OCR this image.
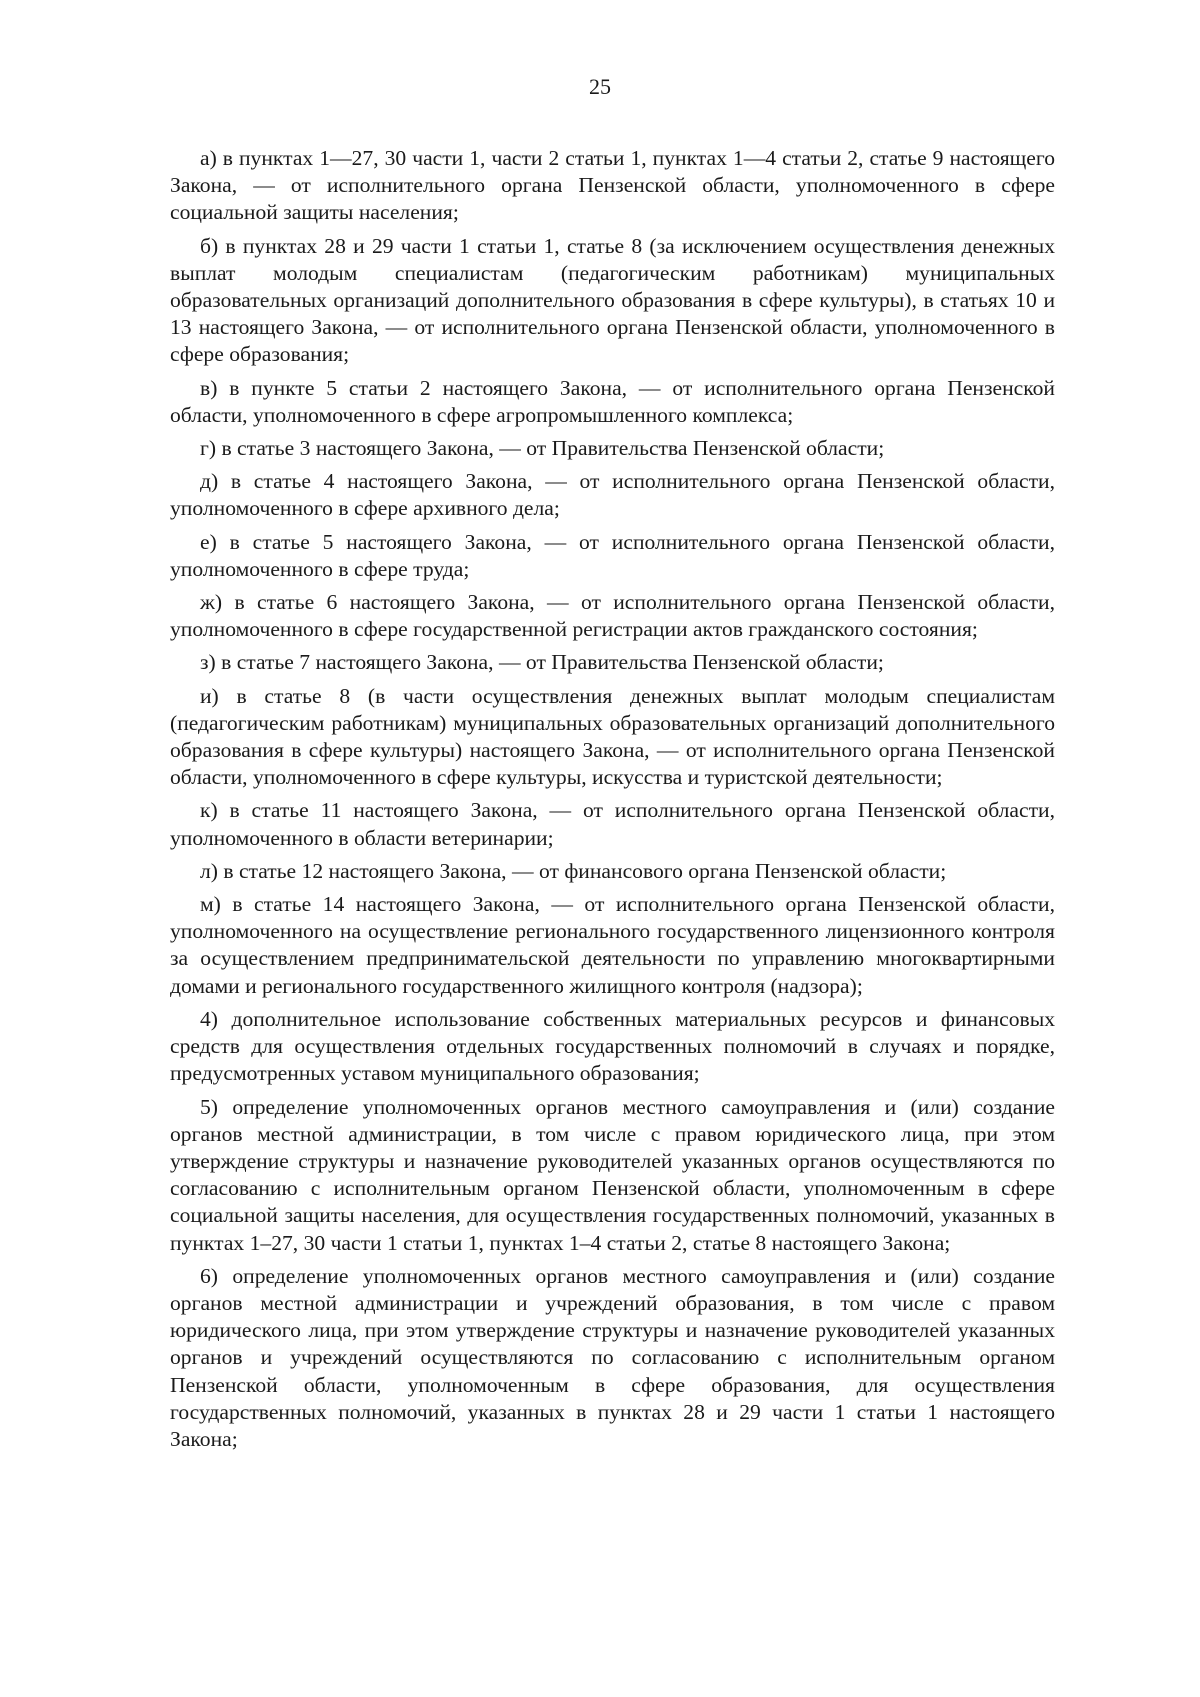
25

а) в пунктах 1—27, 30 части 1, части 2 статьи 1, пунктах 1—4 статьи 2, статье 9 настоящего Закона, — от исполнительного органа Пензенской области, уполномоченного в сфере социальной защиты населения;

б) в пунктах 28 и 29 части 1 статьи 1, статье 8 (за исключением осуществления денежных выплат молодым специалистам (педагогическим работникам) муниципальных образовательных организаций дополнительного образования в сфере культуры), в статьях 10 и 13 настоящего Закона, — от исполнительного органа Пензенской области, уполномоченного в сфере образования;

в) в пункте 5 статьи 2 настоящего Закона, — от исполнительного органа Пензенской области, уполномоченного в сфере агропромышленного комплекса;

г) в статье 3 настоящего Закона, — от Правительства Пензенской области;

д) в статье 4 настоящего Закона, — от исполнительного органа Пензенской области, уполномоченного в сфере архивного дела;

е) в статье 5 настоящего Закона, — от исполнительного органа Пензенской области, уполномоченного в сфере труда;

ж) в статье 6 настоящего Закона, — от исполнительного органа Пензенской области, уполномоченного в сфере государственной регистрации актов гражданского состояния;

з) в статье 7 настоящего Закона, — от Правительства Пензенской области;

и) в статье 8 (в части осуществления денежных выплат молодым специалистам (педагогическим работникам) муниципальных образовательных организаций дополнительного образования в сфере культуры) настоящего Закона, — от исполнительного органа Пензенской области, уполномоченного в сфере культуры, искусства и туристской деятельности;

к) в статье 11 настоящего Закона, — от исполнительного органа Пензенской области, уполномоченного в области ветеринарии;

л) в статье 12 настоящего Закона, — от финансового органа Пензенской области;

м) в статье 14 настоящего Закона, — от исполнительного органа Пензенской области, уполномоченного на осуществление регионального государственного лицензионного контроля за осуществлением предпринимательской деятельности по управлению многоквартирными домами и регионального государственного жилищного контроля (надзора);

4) дополнительное использование собственных материальных ресурсов и финансовых средств для осуществления отдельных государственных полномочий в случаях и порядке, предусмотренных уставом муниципального образования;

5) определение уполномоченных органов местного самоуправления и (или) создание органов местной администрации, в том числе с правом юридического лица, при этом утверждение структуры и назначение руководителей указанных органов осуществляются по согласованию с исполнительным органом Пензенской области, уполномоченным в сфере социальной защиты населения, для осуществления государственных полномочий, указанных в пунктах 1–27, 30 части 1 статьи 1, пунктах 1–4 статьи 2, статье 8 настоящего Закона;

6) определение уполномоченных органов местного самоуправления и (или) создание органов местной администрации и учреждений образования, в том числе с правом юридического лица, при этом утверждение структуры и назначение руководителей указанных органов и учреждений осуществляются по согласованию с исполнительным органом Пензенской области, уполномоченным в сфере образования, для осуществления государственных полномочий, указанных в пунктах 28 и 29 части 1 статьи 1 настоящего Закона;
